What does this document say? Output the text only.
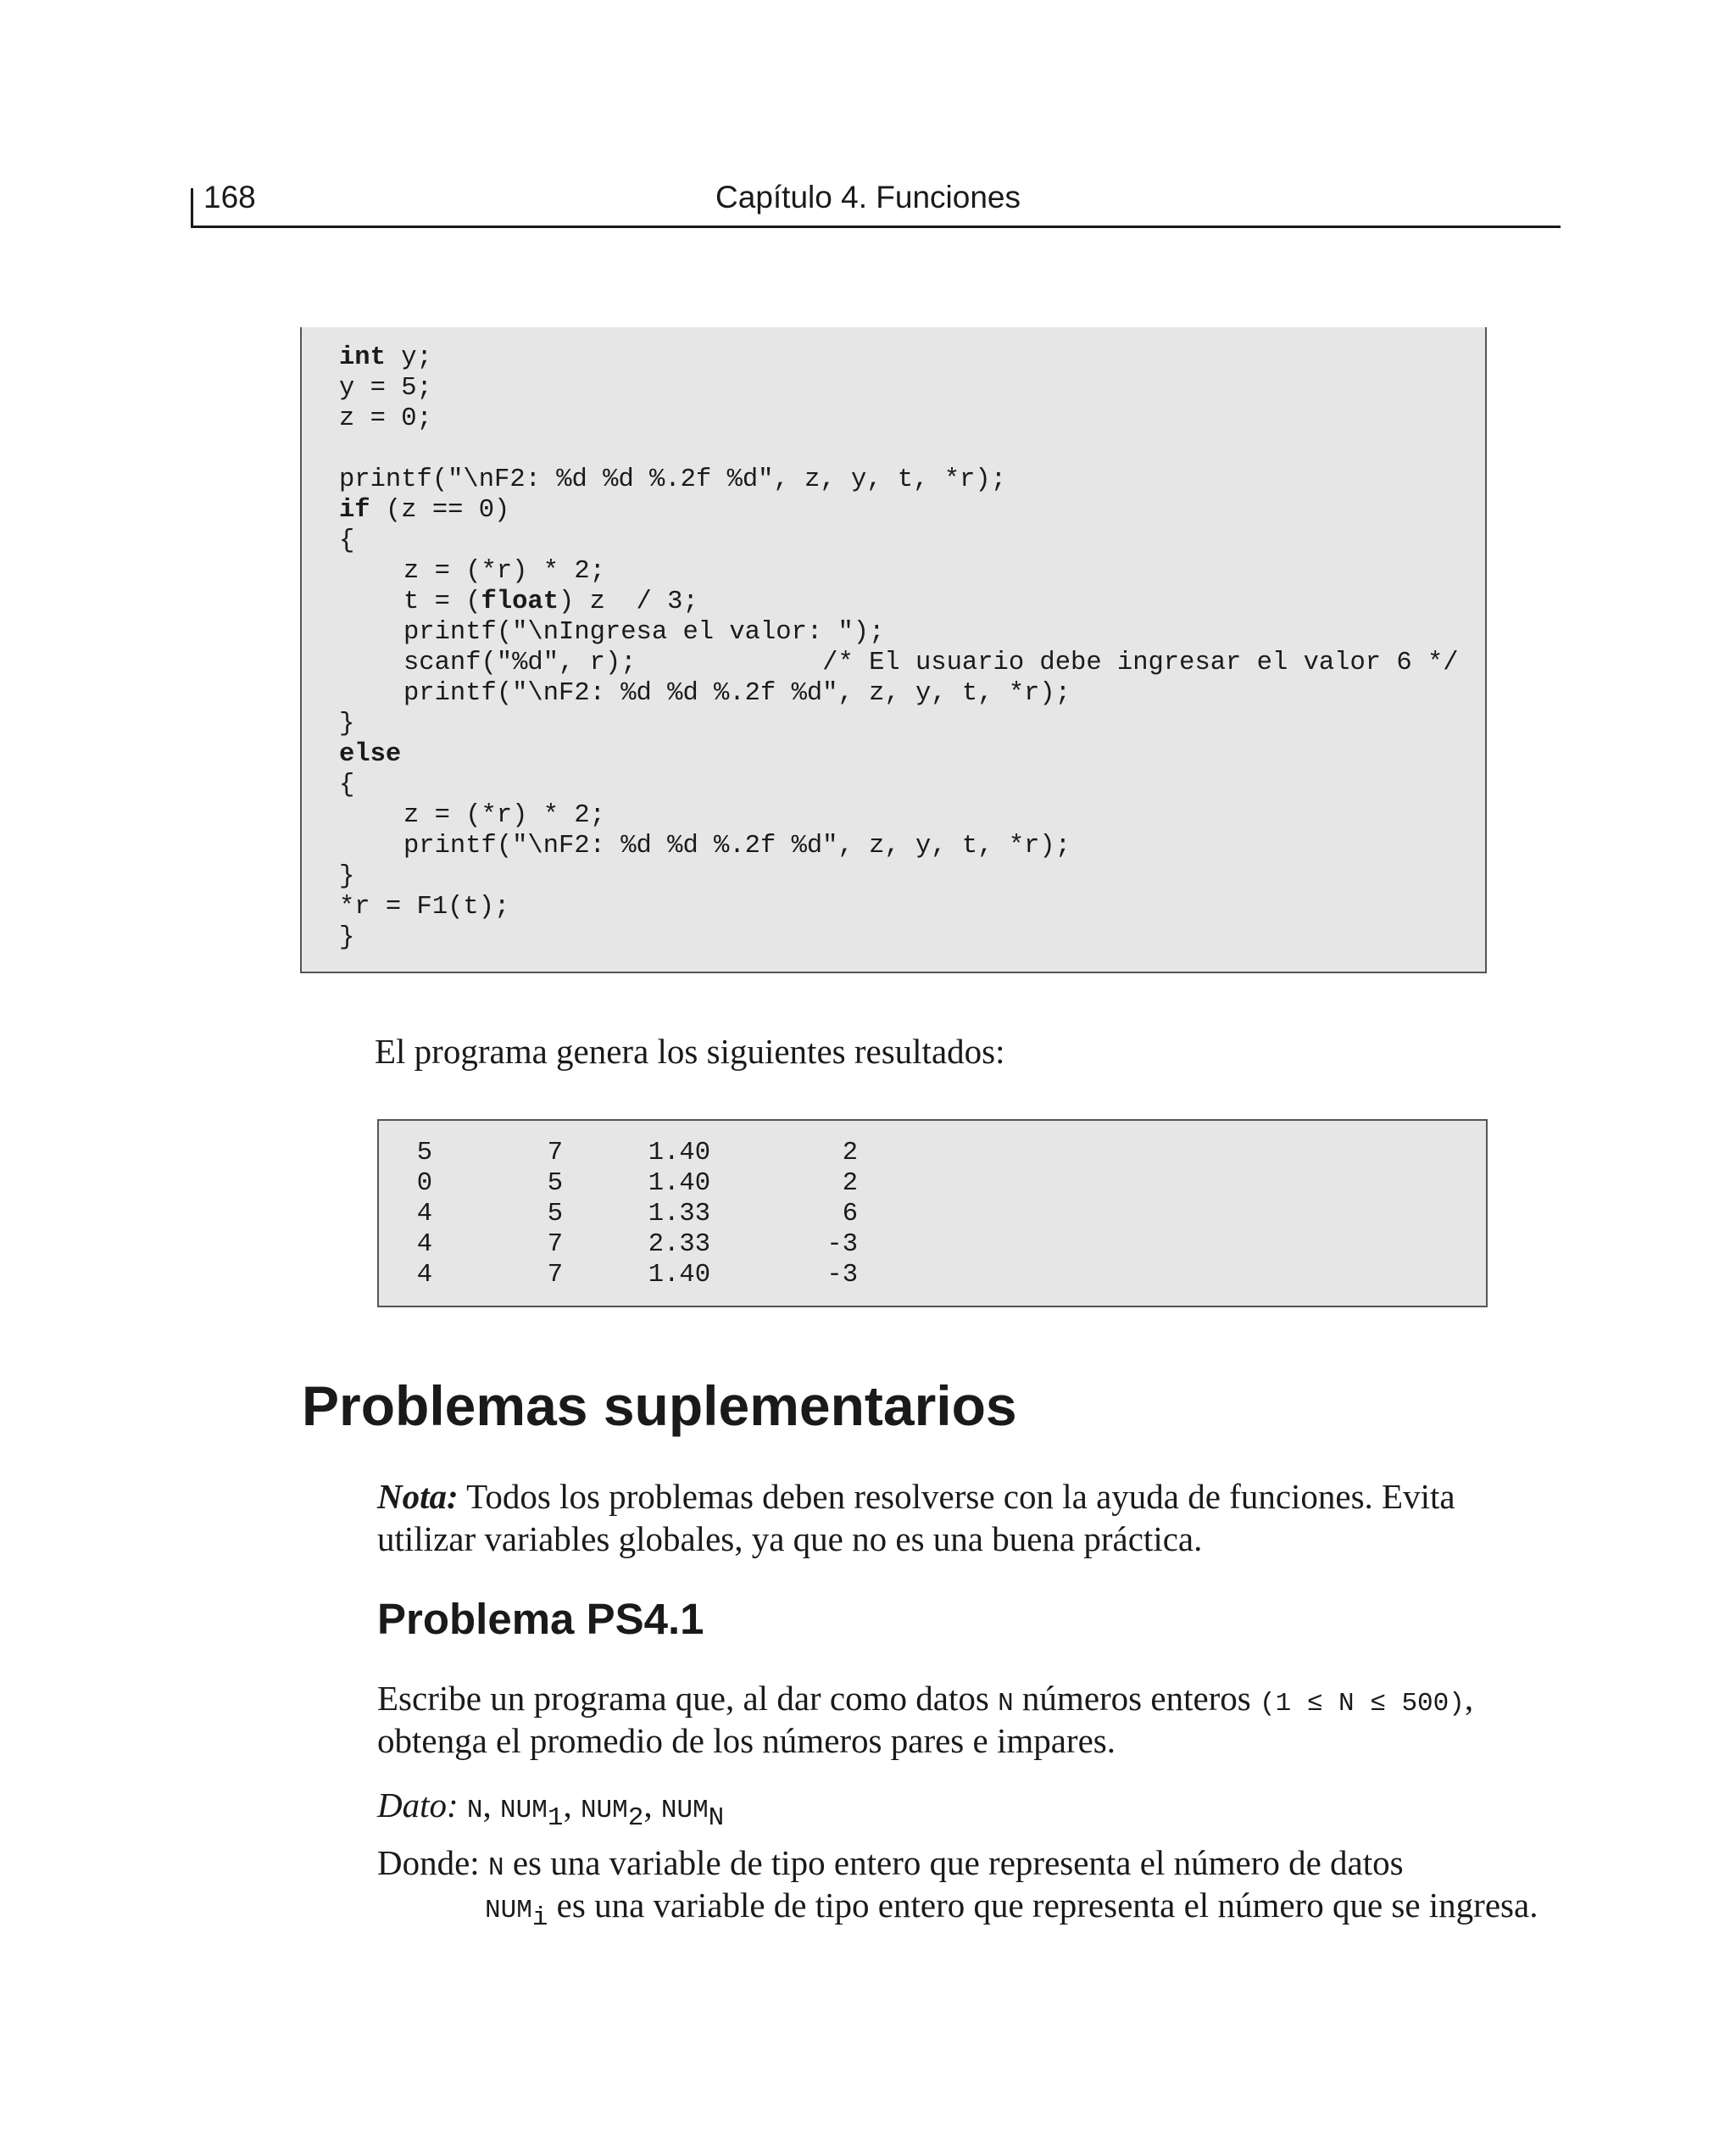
168	Capítulo 4. Funciones
int y;
y = 5;
z = 0;
printf("\nF2: %d %d %.2f %d", z, y, t, *r);
if (z == 0)
{
z = (*r) * 2;
t = (float) z  / 3;
printf("\nIngresa el valor: ");
scanf("%d", r);            /* El usuario debe ingresar el valor 6 */
printf("\nF2: %d %d %.2f %d", z, y, t, *r);
}
else
{
z = (*r) * 2;
printf("\nF2: %d %d %.2f %d", z, y, t, *r);
}
*r = F1(t);
}
El programa genera los siguientes resultados:
5	7	1.40	2
0	5	1.40	2
4	5	1.33	6
4	7	2.33	-3
4	7	1.40	-3
Problemas suplementarios
Nota: Todos los problemas deben resolverse con la ayuda de funciones. Evita
utilizar variables globales, ya que no es una buena práctica.
Problema PS4.1
Escribe un programa que, al dar como datos N números enteros (1 ≤ N ≤ 500),
obtenga el promedio de los números pares e impares.
Dato: N, $NUM_1$, $NUM_2$, $NUM_N$
Donde: N es una variable de tipo entero que representa el número de datos
$NUM_i$ es una variable de tipo entero que representa el número que se ingresa.
